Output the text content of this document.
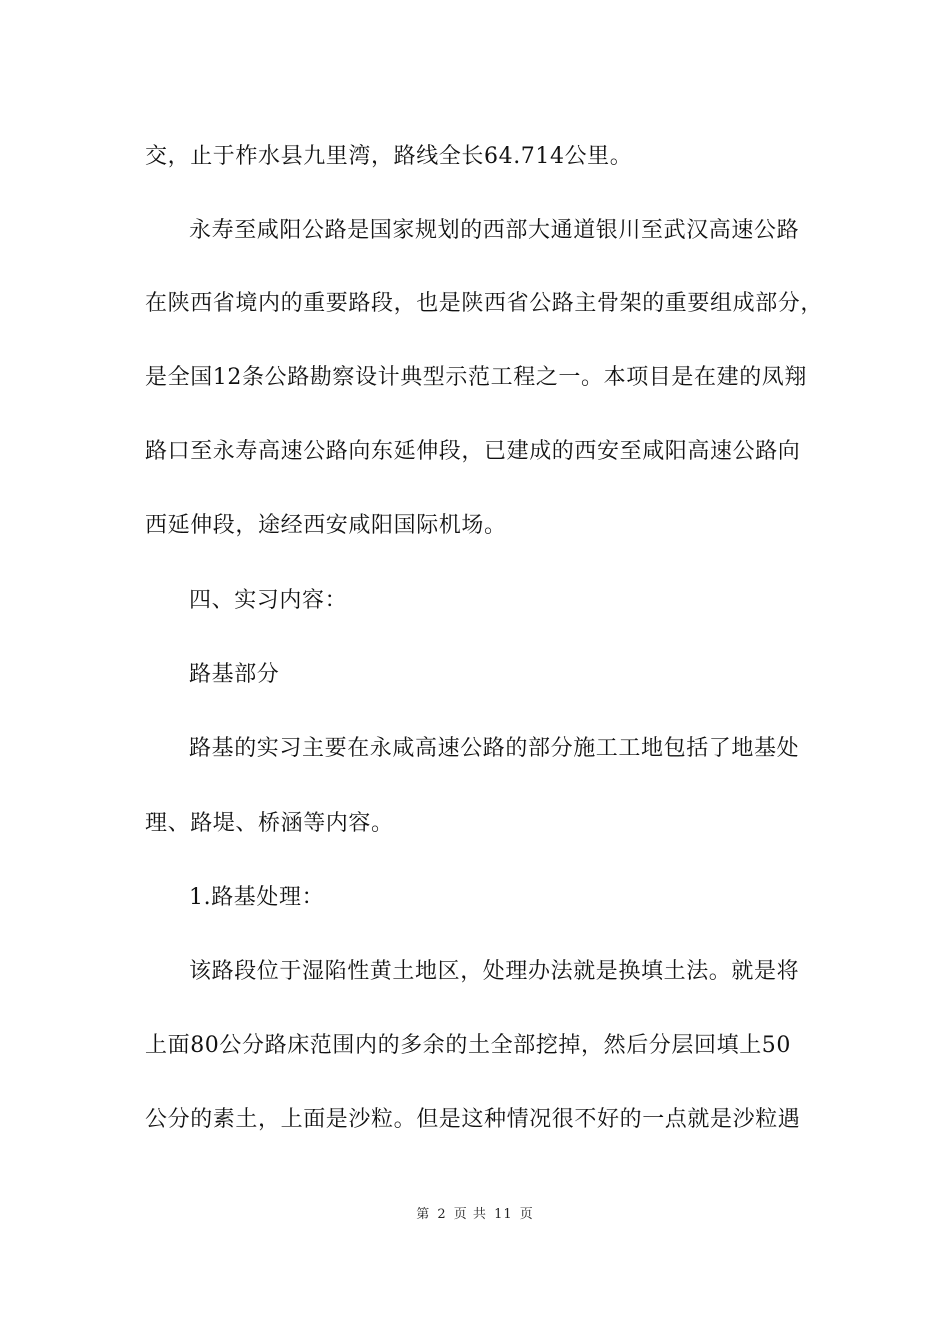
交，止于柞水县九里湾，路线全长64.714公里。
永寿至咸阳公路是国家规划的西部大通道银川至武汉高速公路
在陕西省境内的重要路段，也是陕西省公路主骨架的重要组成部分，
是全国12条公路勘察设计典型示范工程之一。本项目是在建的凤翔
路口至永寿高速公路向东延伸段，已建成的西安至咸阳高速公路向
西延伸段，途经西安咸阳国际机场。
四、实习内容：
路基部分
路基的实习主要在永咸高速公路的部分施工工地包括了地基处
理、路堤、桥涵等内容。
1.路基处理：
该路段位于湿陷性黄土地区，处理办法就是换填土法。就是将
上面80公分路床范围内的多余的土全部挖掉，然后分层回填上50
公分的素土，上面是沙粒。但是这种情况很不好的一点就是沙粒遇
第 2 页 共 11 页
